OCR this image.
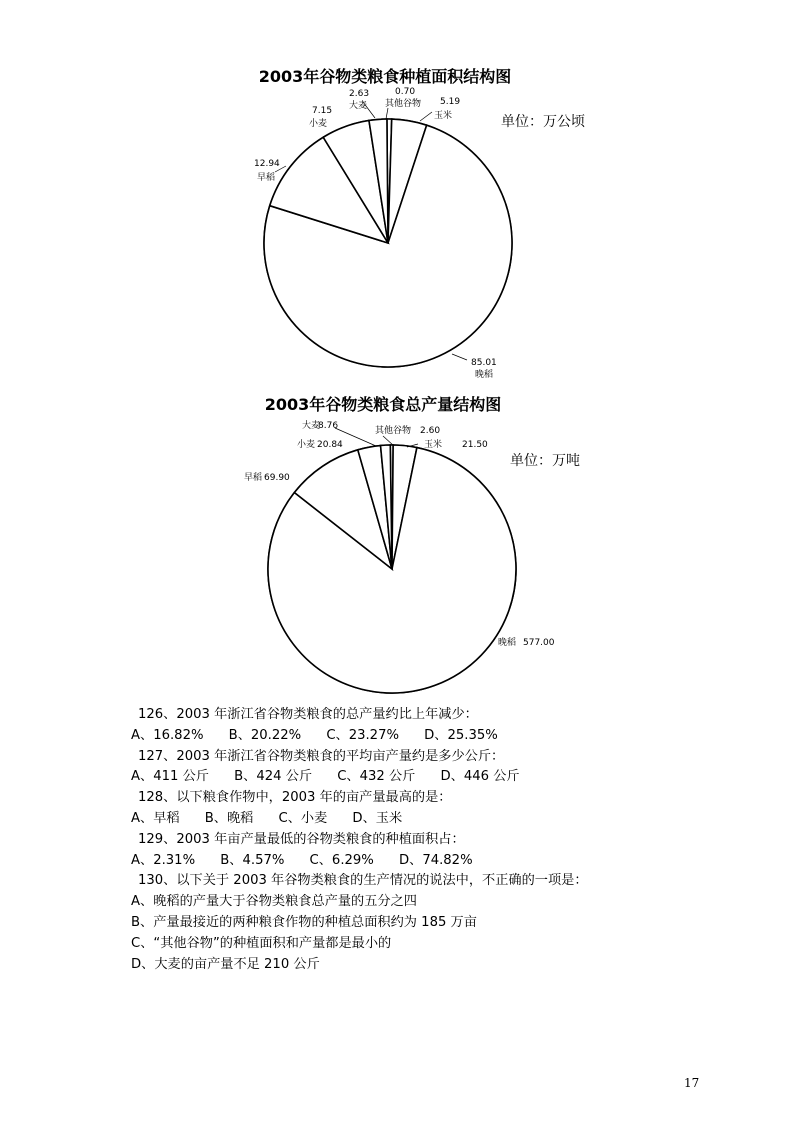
2003年谷物类粮食种植面积结构图
单位：万公顷
2003年谷物类粮食总产量结构图
单位：万吨
大麦
2.63
其他谷物
0.70
玉米
5.19
小麦
7.15
早稻
12.94
晚稻
85.01
大麦
8.76	其他谷物 2.60
玉米 21.50
小麦 20.84
早稻 69.90
晚稻 577.00
126、2003 年浙江省谷物类粮食的总产量约比上年减少：
A、16.82%      B、20.22%      C、23.27%      D、25.35%
127、2003 年浙江省谷物类粮食的平均亩产量约是多少公斤：
A、411 公斤      B、424 公斤      C、432 公斤      D、446 公斤
128、以下粮食作物中，2003 年的亩产量最高的是：
A、早稻      B、晚稻      C、小麦      D、玉米
129、2003 年亩产量最低的谷物类粮食的种植面积占：
A、2.31%      B、4.57%      C、6.29%      D、74.82%
130、以下关于 2003 年谷物类粮食的生产情况的说法中，不正确的一项是：
A、晚稻的产量大于谷物类粮食总产量的五分之四
B、产量最接近的两种粮食作物的种植总面积约为 185 万亩
C、“其他谷物”的种植面积和产量都是最小的
D、大麦的亩产量不足 210 公斤
17
